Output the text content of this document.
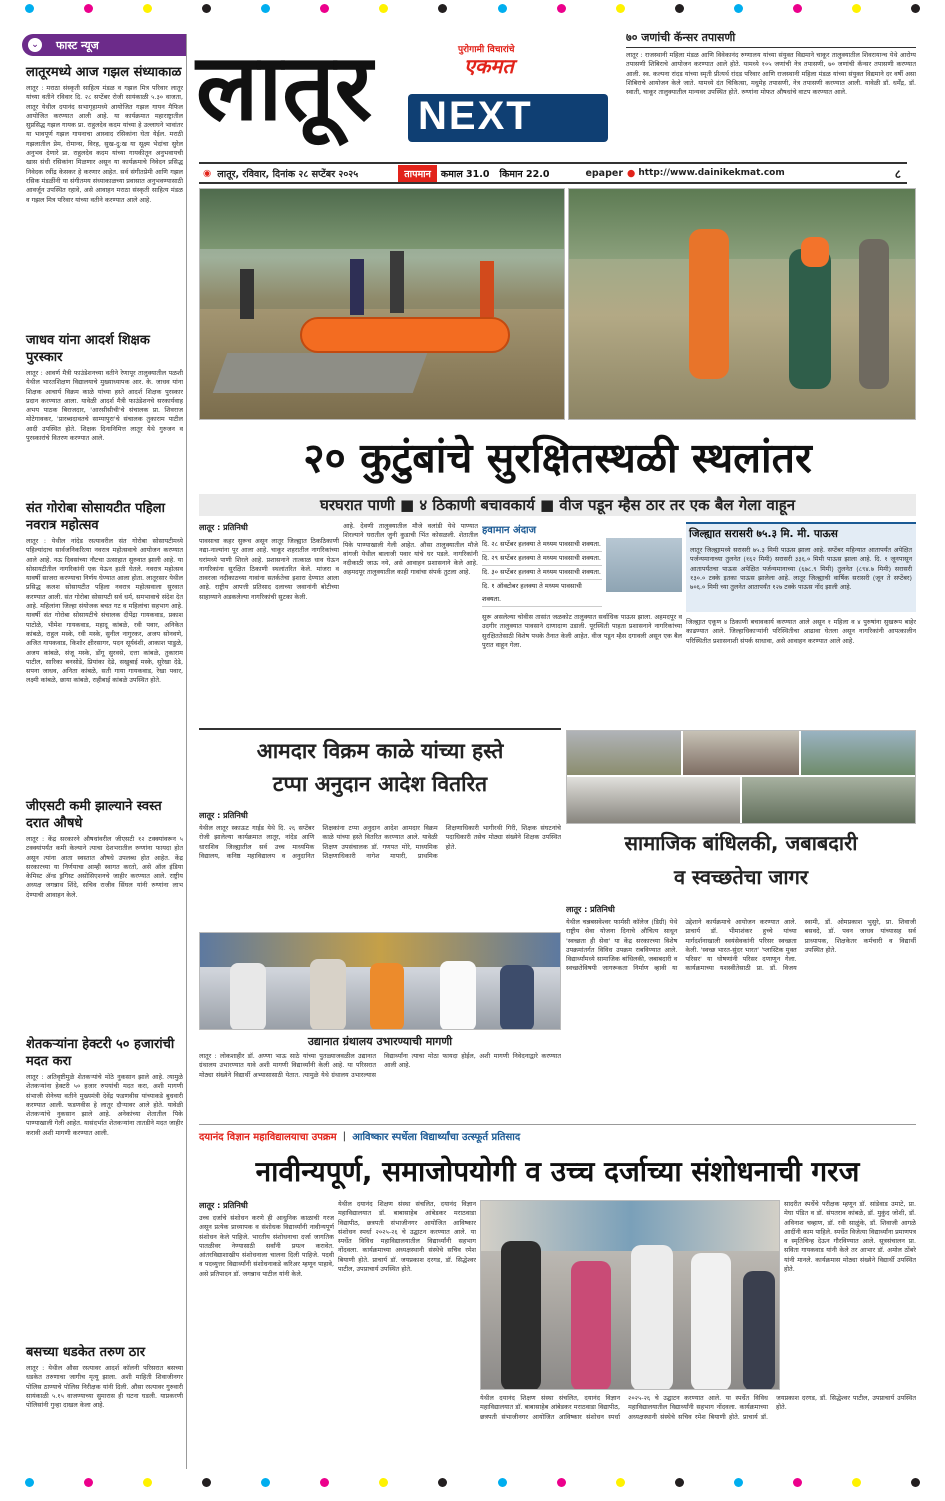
⌄ फास्ट न्यूज
लातूरमध्ये आज गझल संध्याकाळ
लातूर : मराठा संस्कृती साहित्य मंडळ व गझल मित्र परिवार लातूर यांच्या वतीने रविवार दि. २८ सप्टेंबर रोजी सायंकाळी ५.३० वाजता, लातूर येथील दयानंद सभागृहामध्ये आयोजित गझल गायन मैफिल आयोजित करण्यात आली आहे. या कार्यक्रमात महाराष्ट्रातील सुप्रसिद्ध गझल गायक प्रा. राहुलदेव कदम यांच्या हे उल्लाघने भावांतर या भावपूर्ण गझल गायनाचा आस्वाद रसिकांना घेता येईल. मराठी गझलातील प्रेम, रोमान्स, विरह, सुख-दु:ख या सूक्ष्म भेदांचा सुरेल अनुभव देणारे प्रा. राहुलदेव कदम यांच्या गायकीतून अनुभवायची खास संधी रसिकांना मिळणार असून या कार्यक्रमाचे निवेदन प्रसिद्ध निवेदक रवींद्र केसकर हे करणार आहेत. सर्व संगीतप्रेमी आणि गझल रसिक मंडळींनी या संगीतमय संध्याकाळच्या प्रवासात अनुभवण्यासाठी आवर्जून उपस्थित रहावे, असे आवाहन मराठा संस्कृती साहित्य मंडळ व गझल मित्र परिवार यांच्या वतीने करण्यात आले आहे.
जाधव यांना आदर्श शिक्षक पुरस्कार
लातूर : आवर्ण मैत्री फाउंडेशनच्या वतीने रेणापूर तालुक्यातील पळशी येथील भारतशिक्षण विद्यालयाचे मुख्याध्यापक आर. के. जाधव यांना शिक्षक आचार्य विक्रम काळे यांच्या हस्ते आदर्श शिक्षक पुरस्कार प्रदान करण्यात आला. यावेळी आदर्श मैत्री फाउंडेशनचे सरकार्यवाह अभय पाठक बिराजदार, 'आरसीसीची'चे संचालक प्रा. शिवराज मोटेगावकर, 'प्रारब्धदावतचे साम्यापुरा'चे संचालक तुकाराम पाटील आदी उपस्थित होते. शिक्षक दिनानिमित्त लातूर येथे गुरुजन व पुरस्कारांचे वितरण करण्यात आले.
संत गोरोबा सोसायटीत पहिला नवरात्र महोत्सव
लातूर : येथील नांदेड रस्त्यावरील संत गोरोबा सोसायटीमध्ये पहिल्यांदाच सार्वजनिकरित्या नवरात्र महोत्सवाचे आयोजन करण्यात आले आहे. नऊ दिवसांच्या नौटचा उत्साहात सुरुवात झाली आहे. या सोसायटीतील नागरिकांनी एक येऊन हाती घेतले. नवरात्र महोत्सव यावर्षी साजरा करण्याचा निर्णय घेण्यात आला होता. लातूरसार येथील प्रसिद्ध कलश सोसायटीत पहिला नवरात्र महोत्सवाला सुरवात करण्यात आली. संत गोरोबा सोसायटी सर्व धर्म, समभावाचे संदेश देत आहे. महिलांना जिल्हा संयोजक बचत गट व महिलांचा सहभाग आहे. यावर्षी संत गोरोबा सोसायटीचे संचालक दीपेंद्रा गायकवाड, प्रकाश पाटोळे, भीमेश गायकवाड, महादू कांबळे, रवी पवार, अनिकेत कांबळे, राहुल मस्के, रवी मस्के, सुनील नागुरकर, अजय सोनवणे, अजित गायकवाड, किशोर क्षीरसागर, पदन सूर्यवंशी, आकाश पाडुळे, अजय कांबळे, संजू मस्के, डोंगू सुरवसे, दत्ता कांबळे, तुकाराम पाटील, सारिका बनसोडे, प्रियांका देढे, सखुबाई मस्के, सुरेखा देढे, सपना जाधव, अनिता कांबळे, सती गाया गायकवाड, रेखा पवार, लक्ष्मी कांबळे, छाया कांबळे, राहीबाई कांबळे उपस्थित होते.
जीएसटी कमी झाल्याने स्वस्त दरात औषधे
लातूर : केंद्र सरकारने औषधांवरील जीएसटी १२ टक्क्यांवरून ५ टक्क्यांपर्यंत कमी केल्याने त्याचा देशभरातील रुग्णांना फायदा होत असून त्यांना आता स्वस्तात औषधे उपलब्ध होत आहेत. केंद्र सरकारच्या या निर्णयाचा आम्ही स्वागत करतो, असे ऑल इंडिया केमिस्ट ॲन्ड ड्रगिस्ट असोसिएशनचे जाहीर करण्यात आले. राष्ट्रीय अध्यक्ष जगन्नाथ शिंदे, सचिव राजीव सिंघल यांनी रुग्णांना लाभ देण्याची आवाहन केले.
शेतकऱ्यांना हेक्टरी ५० हजारांची मदत करा
लातूर : अतिवृष्टीमुळे शेतकऱ्यांचे मोठे नुकसान झाले आहे. त्यामुळे शेतकऱ्यांना हेक्टरी ५० हजार रुपयांची मदत करा, अशी मागणी संभाजी सेनेच्या वतीने मुख्यमंत्री देवेंद्र फडणवीस यांच्याकडे बुधवारी करण्यात आली. फडणवीस हे लातूर दौऱ्यावर आले होते. यावेळी शेतकऱ्यांचे नुकसान झाले आहे. अनेकांच्या शेतातील पिके पाण्याखाली गेली आहेत. यासंदर्भात शेतकऱ्यांना तातडीने मदत जाहीर करावी अशी मागणी करण्यात आली.
बसच्या धडकेत तरुण ठार
लातूर : येथील औसा रस्त्यावर आदर्श कॉलनी परिसरात बसच्या धडकेत तरुणाचा जागीच मृत्यू झाला. अशी माहिती शिवाजीनगर पोलिस ठाण्याचे पोलिस निरीक्षक यांनी दिली. औसा रस्त्यावर गुरुवारी सायंकाळी ५.१५ वाजण्याच्या सुमारास ही घटना घडली. याप्रकरणी पोलिसांनी गुन्हा दाखल केला आहे.
लातूर	पुरोगामी विचारांचे
एकमत
NEXT
◉ लातूर, रविवार, दिनांक २८ सप्टेंबर २०२५	तापमान	कमाल 31.0 किमान 22.0	epaper ● http://www.dainikekmat.com	८
७० जणांची कॅन्सर तपासणी
लातूर : राजस्थानी महिला मंडळ आणि विवेकानंद रुग्णालय यांच्या संयुक्त विद्यमाने चाकूर तालुक्यातील शिवरायान्च येथे आरोग्य तपासणी शिबिराचे आयोजन करण्यात आले होते. यामध्ये १०५ जणांची नेत्र तपासणी, ७० जणांची कॅन्सर तपासणी करण्यात आली. स्व. कल्पना रांदड यांच्या स्मृती प्रीत्यर्थ रांदड परिवार आणि राजस्थानी महिला मंडळ यांच्या संयुक्त विद्यमाने दर वर्षी असा शिबिराचे आयोजन केले जाते. यामध्ये दंत चिकित्सा, मधुमेह तपासणी, नेत्र तपासणी करण्यात आली. यावेळी डॉ. धर्मेंद्र, डॉ. स्वाती, चाकूर तालुक्यातील मान्यवर उपस्थित होते. रुग्णांना मोफत औषधांचे वाटप करण्यात आले.
२० कुटुंबांचे सुरक्षितस्थळी स्थलांतर
घरघरात पाणी ■ ४ ठिकाणी बचावकार्य ■ वीज पडून म्हैस ठार तर एक बैल गेला वाहून
लातूर : प्रतिनिधी
पावसाचा कहर सुरूच असून लातूर जिल्ह्यात ठिकठिकाणी नद्या-नाल्यांना पूर आला आहे. चाकूर शहरातील नागरिकांच्या घरांमध्ये पाणी शिरले आहे. प्रशासनाने तात्काळ धाव घेऊन नागरिकांना सुरक्षित ठिकाणी स्थलांतरित केले. मांजरा व तावरजा नदीकाठच्या गावांना सतर्कतेचा इशारा देण्यात आला आहे. राष्ट्रीय आपत्ती प्रतिसाद दलाच्या जवानांनी बोटीच्या साहाय्याने अडकलेल्या नागरिकांची सुटका केली.
आहे. देवणी तालुक्यातील मौजे वलांडी येथे पाण्यात शिरल्याने घरातील जुनी कुडाची भिंत कोसळली. शेतातील पिके पाण्याखाली गेली आहेत. औसा तालुक्यातील मौजे वांगजी येथील बालाजी पवार यांचे घर पडले. नागरिकांनी नदीकाठी जाऊ नये, असे आवाहन प्रशासनाने केले आहे. अहमदपूर तालुक्यातील काही गावांचा संपर्क तुटला आहे.
हवामान अंदाज
दि. २८ सप्टेंबर हलक्या ते मध्यम पावसाची शक्यता.
दि. २९ सप्टेंबर हलक्या ते मध्यम पावसाची शक्यता.
दि. ३० सप्टेंबर हलक्या ते मध्यम पावसाची शक्यता.
दि. १ ऑक्टोबर हलक्या ते मध्यम पावसाची शक्यता.
सुरू असलेल्या चोवीस तासांत जळकोट तालुक्यात सर्वाधिक पाऊस झाला. अहमदपूर व उदगीर तालुक्यात पावसाने दाणादाण उडाली. पूरस्थिती पाहता प्रशासनाने नागरिकांच्या सुरक्षिततेसाठी विशेष पथके तैनात केली आहेत. वीज पडून म्हैस दगावली असून एक बैल पुरात वाहून गेला.
जिल्ह्यात सरासरी ७५.३ मि. मी. पाऊस
लातूर जिल्ह्यामध्ये सरासरी ७५.३ मिमी पाऊस झाला आहे. सप्टेंबर महिन्यात आतापर्यंत अपेक्षित पर्जन्यमानाच्या तुलनेत (१६२ मिमी) सरासरी ३३६.० मिमी पाऊस झाला आहे. दि. १ जूनपासून आतापर्यंतचा पाऊस अपेक्षित पर्जन्यमानाच्या (६७८.९ मिमी) तुलनेत (८९४.७ मिमी) सरासरी १३०.० टक्के इतका पाऊस झालेला आहे. लातूर जिल्ह्याची वार्षिक सरासरी (जून ते सप्टेंबर) ७०६.० मिमी च्या तुलनेत आतापर्यंत १२७ टक्के पाऊस नोंद झाली आहे.
जिल्ह्यात एकूण ४ ठिकाणी बचावकार्य करण्यात आले असून १ महिला व ४ पुरुषांना सुखरूप बाहेर काढण्यात आले. जिल्हाधिकाऱ्यांनी परिस्थितीचा आढावा घेतला असून नागरिकांनी आपत्कालीन परिस्थितीत प्रशासनाशी संपर्क साधावा, असे आवाहन करण्यात आले आहे.
आमदार विक्रम काळे यांच्या हस्ते
टप्पा अनुदान आदेश वितरित
लातूर : प्रतिनिधी
येथील लातूर स्काऊट गाईड येथे दि. २६ सप्टेंबर रोजी झालेल्या कार्यक्रमात लातूर, नांदेड आणि धाराशिव जिल्ह्यातील सर्व उच्च माध्यमिक विद्यालय, कनिष्ठ महाविद्यालय व अनुदानित शिक्षकांना टप्पा अनुदान आदेश आमदार विक्रम काळे यांच्या हस्ते वितरित करण्यात आले. यावेळी शिक्षण उपसंचालक डॉ. गणपत मोरे, माध्यमिक शिक्षणाधिकारी नागेश मापारी, प्राथमिक शिक्षणाधिकारी भागीरथी गिरी, शिक्षक संघटनांचे पदाधिकारी तसेच मोठ्या संख्येने शिक्षक उपस्थित होते.
उद्यानात ग्रंथालय उभारण्याची मागणी
लातूर : लोकशाहीर डॉ. अण्णा भाऊ साठे यांच्या पुतळ्याजवळील उद्यानात ग्रंथालय उभारण्यात यावे अशी मागणी विद्यार्थ्यांनी केली आहे. या परिसरात मोठ्या संख्येने विद्यार्थी अभ्यासासाठी येतात. त्यामुळे येथे ग्रंथालय उभारल्यास विद्यार्थ्यांना त्याचा मोठा फायदा होईल, अशी मागणी निवेदनाद्वारे करण्यात आली आहे.
सामाजिक बांधिलकी, जबाबदारी
व स्वच्छतेचा जागर
लातूर : प्रतिनिधी
येथील चन्नबसवेश्वर फार्मसी कॉलेज (डिग्री) येथे राष्ट्रीय सेवा योजना दिनाचे औचित्य साधून 'स्वच्छता ही सेवा' या केंद्र सरकारच्या विशेष उपक्रमांतर्गत विविध उपक्रम राबविण्यात आले. विद्यार्थ्यांमध्ये सामाजिक बांधिलकी, जबाबदारी व स्वच्छतेविषयी जागरूकता निर्माण व्हावी या उद्देशाने कार्यक्रमाचे आयोजन करण्यात आले. प्राचार्य डॉ. भीमाशंकर हुच्चे यांच्या मार्गदर्शनाखाली स्वयंसेवकांनी परिसर स्वच्छता केली. 'स्वच्छ भारत-सुंदर भारत' 'प्लास्टिक मुक्त परिसर' या घोषणांनी परिसर दणाणून गेला. कार्यक्रमाच्या यशस्वीतेसाठी प्रा. डॉ. विजय स्वामी, डॉ. ओमप्रकाश भुसुरे, प्रा. शिवाजी बसवदे, डॉ. पवन जाधव यांच्यासह सर्व प्राध्यापक, शिक्षकेतर कर्मचारी व विद्यार्थी उपस्थित होते.
दयानंद विज्ञान महाविद्यालयाचा उपक्रम | आविष्कार स्पर्धेला विद्यार्थ्यांचा उत्स्फूर्त प्रतिसाद
नावीन्यपूर्ण, समाजोपयोगी व उच्च दर्जाच्या संशोधनाची गरज
लातूर : प्रतिनिधी
उच्च दर्जाचे संशोधन करणे ही आधुनिक काळाची गरज असून प्रत्येक प्राध्यापक व संशोधक विद्यार्थ्यांनी नावीन्यपूर्ण संशोधन केले पाहिजे. भारतीय संशोधनाचा दर्जा जागतिक पातळीवर नेण्यासाठी सर्वांनी प्रयत्न करावेत. आंतरविद्याशाखीय संशोधनाला चालना दिली पाहिजे. पदवी व पदव्युत्तर विद्यार्थ्यांनी संशोधनाकडे करिअर म्हणून पाहावे, असे प्रतिपादन डॉ. जगन्नाथ पाटील यांनी केले.
येथील दयानंद शिक्षण संस्था संचलित, दयानंद विज्ञान महाविद्यालयात डॉ. बाबासाहेब आंबेडकर मराठवाडा विद्यापीठ, छत्रपती संभाजीनगर आयोजित आविष्कार संशोधन स्पर्धा २०२५-२६ चे उद्घाटन करण्यात आले. या स्पर्धेत विविध महाविद्यालयातील विद्यार्थ्यांनी सहभाग नोंदवला. कार्यक्रमाच्या अध्यक्षस्थानी संस्थेचे सचिव रमेश बियाणी होते. प्राचार्य डॉ. जयप्रकाश दरगड, डॉ. सिद्धेश्वर पाटील, उपप्राचार्य उपस्थित होते.
सादरीत स्पर्धेचे परीक्षक म्हणून डॉ. सांडेवाड उमाटे, प्रा. मेघा पंडित व डॉ. संपतराव कांबळे, डॉ. मुकुंद जोशी, डॉ. अविनाश चव्हाण, डॉ. रवी साळुंके, डॉ. शिवाजी आगळे आदींनी काम पाहिले. स्पर्धेत विजेत्या विद्यार्थ्यांना प्रमाणपत्र व स्मृतिचिन्ह देऊन गौरविण्यात आले. सूत्रसंचालन प्रा. सविता गायकवाड यांनी केले तर आभार डॉ. अमोल ठोंबरे यांनी मानले. कार्यक्रमास मोठ्या संख्येने विद्यार्थी उपस्थित होते.
येथील दयानंद शिक्षण संस्था संचलित, दयानंद विज्ञान महाविद्यालयात डॉ. बाबासाहेब आंबेडकर मराठवाडा विद्यापीठ, छत्रपती संभाजीनगर आयोजित आविष्कार संशोधन स्पर्धा २०२५-२६ चे उद्घाटन करण्यात आले. या स्पर्धेत विविध महाविद्यालयातील विद्यार्थ्यांनी सहभाग नोंदवला. कार्यक्रमाच्या अध्यक्षस्थानी संस्थेचे सचिव रमेश बियाणी होते. प्राचार्य डॉ. जयप्रकाश दरगड, डॉ. सिद्धेश्वर पाटील, उपप्राचार्य उपस्थित होते.
